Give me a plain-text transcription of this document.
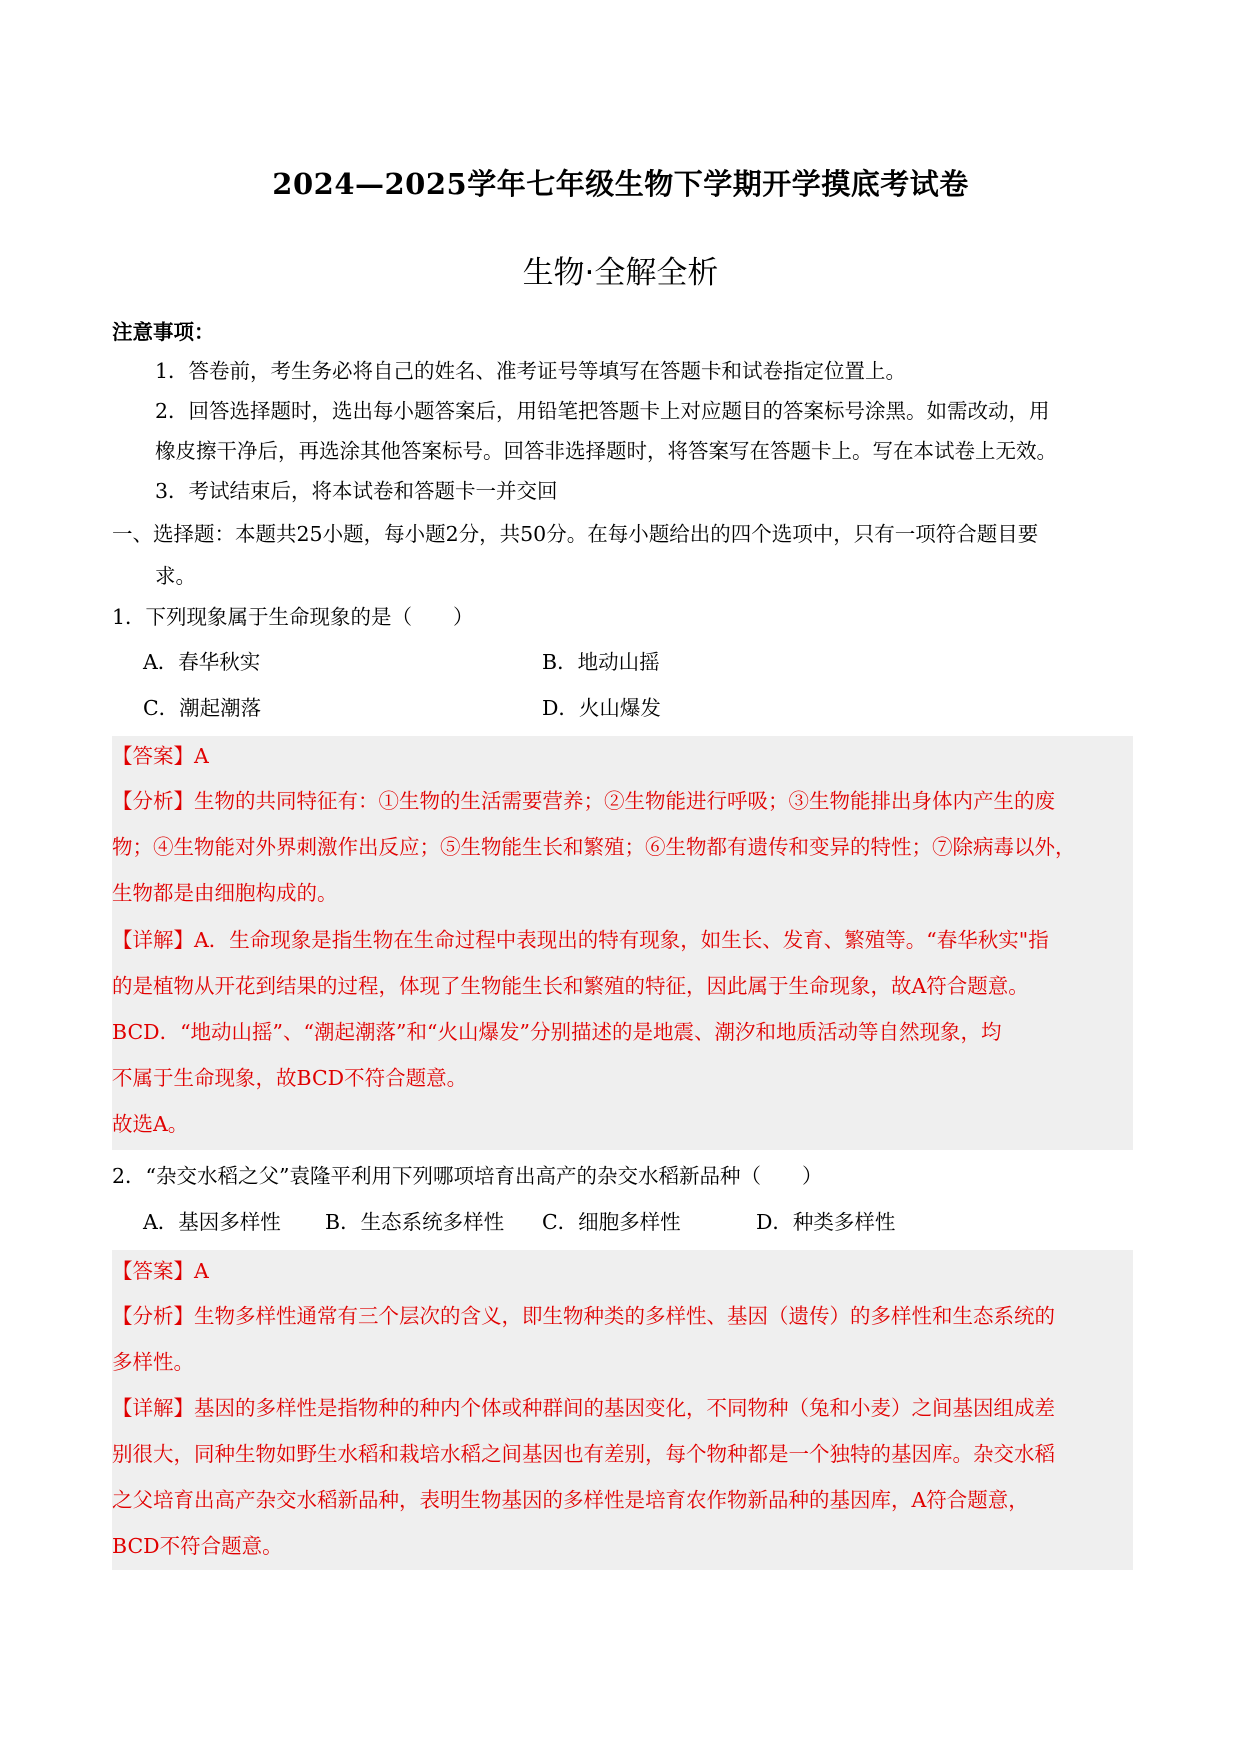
2024—2025学年七年级生物下学期开学摸底考试卷
生物·全解全析
注意事项：
1．答卷前，考生务必将自己的姓名、准考证号等填写在答题卡和试卷指定位置上。
2．回答选择题时，选出每小题答案后，用铅笔把答题卡上对应题目的答案标号涂黑。如需改动，用
橡皮擦干净后，再选涂其他答案标号。回答非选择题时，将答案写在答题卡上。写在本试卷上无效。
3．考试结束后，将本试卷和答题卡一并交回
一、选择题：本题共25小题，每小题2分，共50分。在每小题给出的四个选项中，只有一项符合题目要
求。
1．下列现象属于生命现象的是（　　）
A．春华秋实	B．地动山摇
C．潮起潮落	D．火山爆发
【答案】A
【分析】生物的共同特征有：①生物的生活需要营养；②生物能进行呼吸；③生物能排出身体内产生的废
物；④生物能对外界刺激作出反应；⑤生物能生长和繁殖；⑥生物都有遗传和变异的特性；⑦除病毒以外，
生物都是由细胞构成的。
【详解】A．生命现象是指生物在生命过程中表现出的特有现象，如生长、发育、繁殖等。“春华秋实"指
的是植物从开花到结果的过程，体现了生物能生长和繁殖的特征，因此属于生命现象，故A符合题意。
BCD．“地动山摇”、“潮起潮落”和“火山爆发”分别描述的是地震、潮汐和地质活动等自然现象，均
不属于生命现象，故BCD不符合题意。
故选A。
2．“杂交水稻之父”袁隆平利用下列哪项培育出高产的杂交水稻新品种（　　）
A．基因多样性 B．生态系统多样性 C．细胞多样性	D．种类多样性
【答案】A
【分析】生物多样性通常有三个层次的含义，即生物种类的多样性、基因（遗传）的多样性和生态系统的
多样性。
【详解】基因的多样性是指物种的种内个体或种群间的基因变化，不同物种（兔和小麦）之间基因组成差
别很大，同种生物如野生水稻和栽培水稻之间基因也有差别，每个物种都是一个独特的基因库。杂交水稻
之父培育出高产杂交水稻新品种，表明生物基因的多样性是培育农作物新品种的基因库，A符合题意，
BCD不符合题意。
